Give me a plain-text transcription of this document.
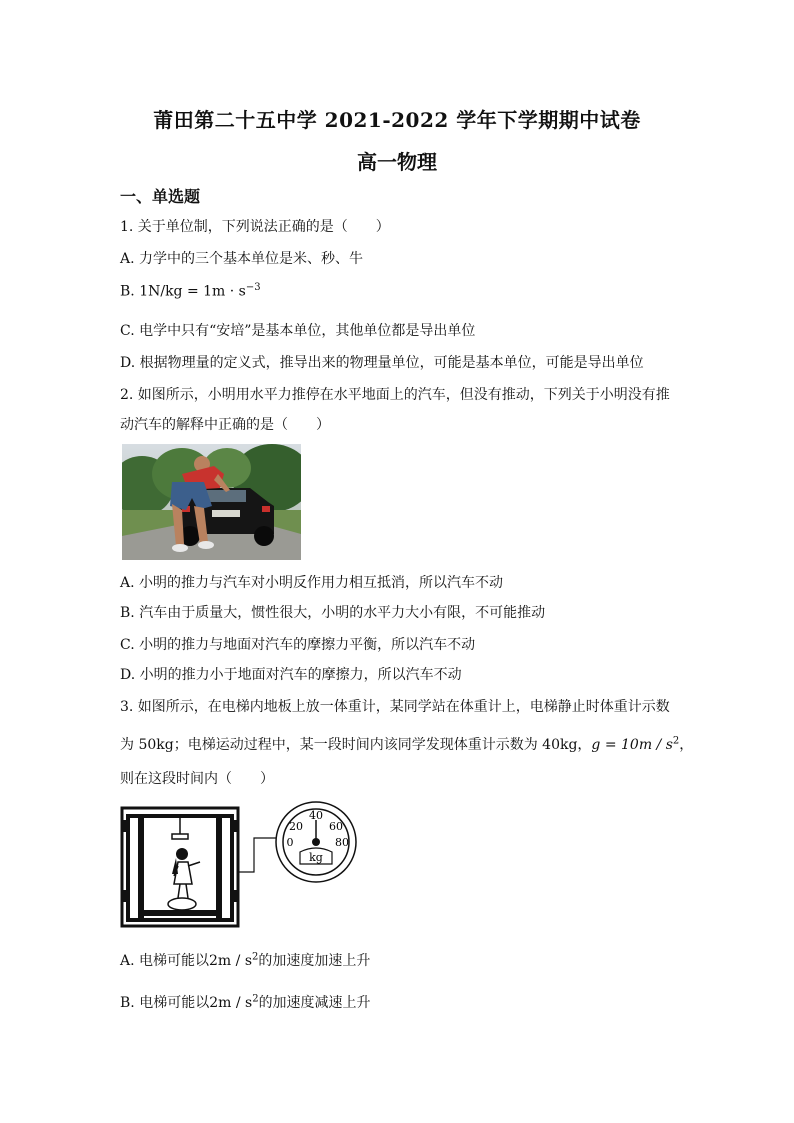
莆田第二十五中学 2021-2022 学年下学期期中试卷
高一物理
一、单选题
1. 关于单位制，下列说法正确的是（　　）
A. 力学中的三个基本单位是米、秒、牛
B. $1N/kg = 1m \cdot s^{-3}$
C. 电学中只有“安培”是基本单位，其他单位都是导出单位
D. 根据物理量的定义式，推导出来的物理量单位，可能是基本单位，可能是导出单位
2. 如图所示，小明用水平力推停在水平地面上的汽车，但没有推动，下列关于小明没有推
动汽车的解释中正确的是（　　）
A. 小明的推力与汽车对小明反作用力相互抵消，所以汽车不动
B. 汽车由于质量大，惯性很大，小明的水平力大小有限，不可能推动
C. 小明的推力与地面对汽车的摩擦力平衡，所以汽车不动
D. 小明的推力小于地面对汽车的摩擦力，所以汽车不动
3. 如图所示，在电梯内地板上放一体重计，某同学站在体重计上，电梯静止时体重计示数
为 50kg；电梯运动过程中，某一段时间内该同学发现体重计示数为 40kg，$g = 10m / s^2$，
则在这段时间内（　　）
40
20 60
0	80
kg
A. 电梯可能以$2m / s^2$的加速度加速上升
B. 电梯可能以$2m / s^2$的加速度减速上升
